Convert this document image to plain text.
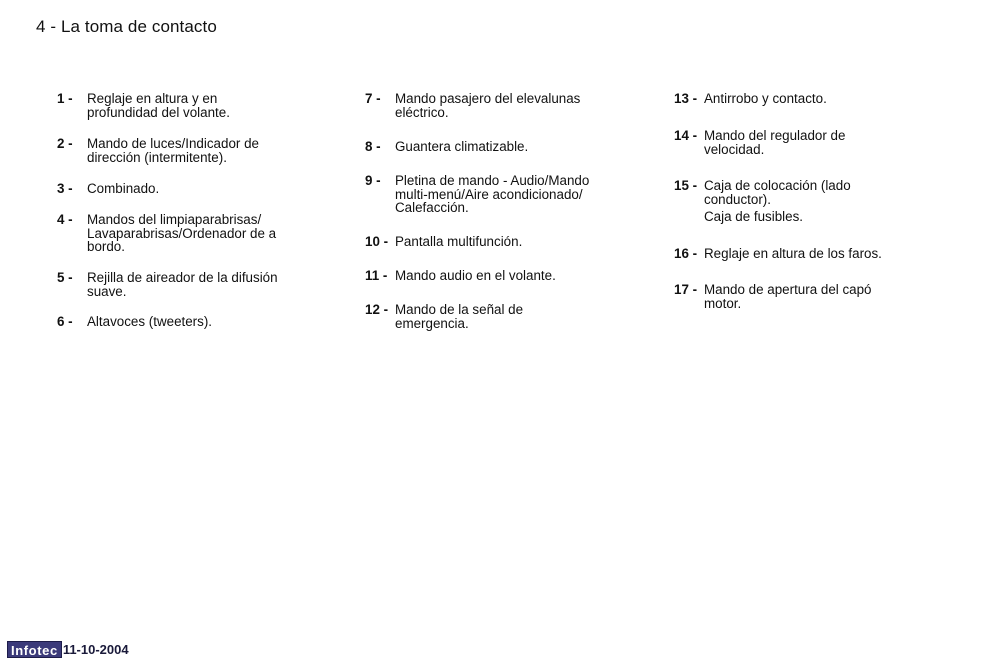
4 - La toma de contacto
1 - Reglaje en altura y en
profundidad del volante.
2 - Mando de luces/Indicador de
dirección (intermitente).
3 - Combinado.
4 - Mandos del limpiaparabrisas/
Lavaparabrisas/Ordenador de a
bordo.
5 - Rejilla de aireador de la difusión
suave.
6 - Altavoces (tweeters).
7 - Mando pasajero del elevalunas
eléctrico.
8 - Guantera climatizable.
9 - Pletina de mando - Audio/Mando
multi-menú/Aire acondicionado/
Calefacción.
10 - Pantalla multifunción.
11 - Mando audio en el volante.
12 - Mando de la señal de
emergencia.
13 - Antirrobo y contacto.
14 - Mando del regulador de
velocidad.
15 - Caja de colocación (lado
conductor).
Caja de fusibles.
16 - Reglaje en altura de los faros.
17 - Mando de apertura del capó
motor.
Infotec 11-10-2004
